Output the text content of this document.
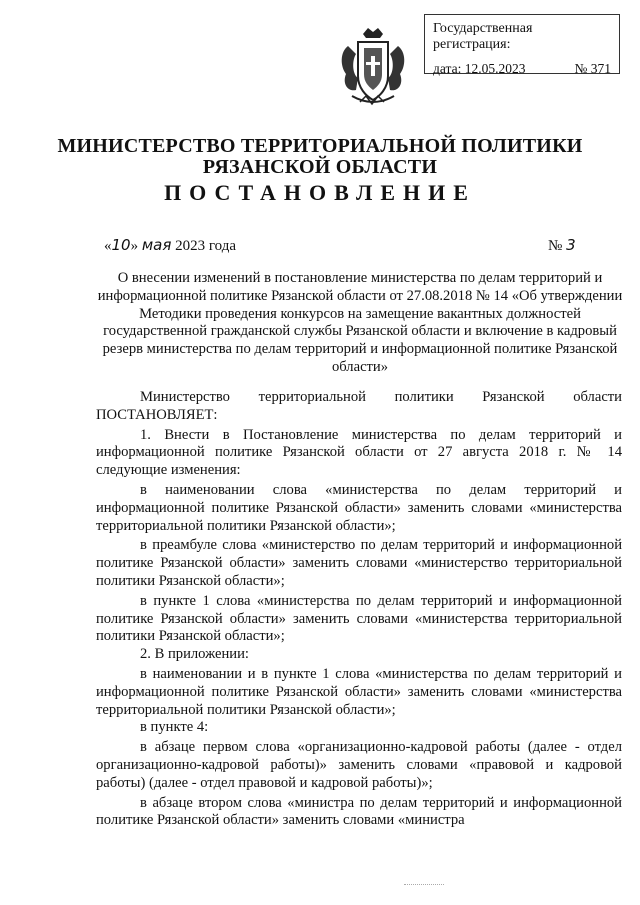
Государственная регистрация:
дата: 12.05.2023	№ 371
МИНИСТЕРСТВО ТЕРРИТОРИАЛЬНОЙ ПОЛИТИКИ
РЯЗАНСКОЙ ОБЛАСТИ
ПОСТАНОВЛЕНИЕ
«10» мая 2023 года	№ 3
О внесении изменений в постановление министерства по делам территорий и информационной политике Рязанской области от 27.08.2018 № 14 «Об утверждении Методики проведения конкурсов на замещение вакантных должностей государственной гражданской службы Рязанской области и включение в кадровый резерв министерства по делам территорий и информационной политике Рязанской области»

Министерство территориальной политики Рязанской области ПОСТАНОВЛЯЕТ:

1. Внести в Постановление министерства по делам территорий и информационной политике Рязанской области от 27 августа 2018 г. № 14 следующие изменения:

в наименовании слова «министерства по делам территорий и информационной политике Рязанской области» заменить словами «министерства территориальной политики Рязанской области»;

в преамбуле слова «министерство по делам территорий и информационной политике Рязанской области» заменить словами «министерство территориальной политики Рязанской области»;

в пункте 1 слова «министерства по делам территорий и информационной политике Рязанской области» заменить словами «министерства территориальной политики Рязанской области»;

2. В приложении:

в наименовании и в пункте 1 слова «министерства по делам территорий и информационной политике Рязанской области» заменить словами «министерства территориальной политики Рязанской области»;

в пункте 4:

в абзаце первом слова «организационно-кадровой работы (далее - отдел организационно-кадровой работы)» заменить словами «правовой и кадровой работы) (далее - отдел правовой и кадровой работы)»;

в абзаце втором слова «министра по делам территорий и информационной политике Рязанской области» заменить словами «министра
